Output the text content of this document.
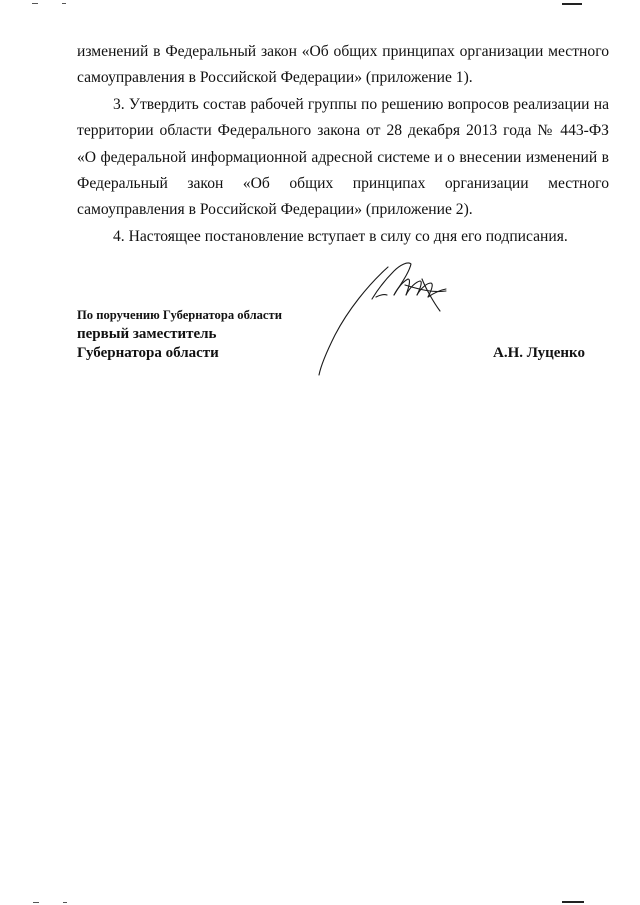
изменений в Федеральный закон «Об общих принципах организации местного самоуправления в Российской Федерации» (приложение 1).

3. Утвердить состав рабочей группы по решению вопросов реализации на территории области Федерального закона от 28 декабря 2013 года № 443-ФЗ «О федеральной информационной адресной системе и о внесении изменений в Федеральный закон «Об общих принципах организации местного самоуправления в Российской Федерации» (приложение 2).

4. Настоящее постановление вступает в силу со дня его подписания.

По поручению Губернатора области
первый заместитель
Губернатора области	А.Н. Луценко
